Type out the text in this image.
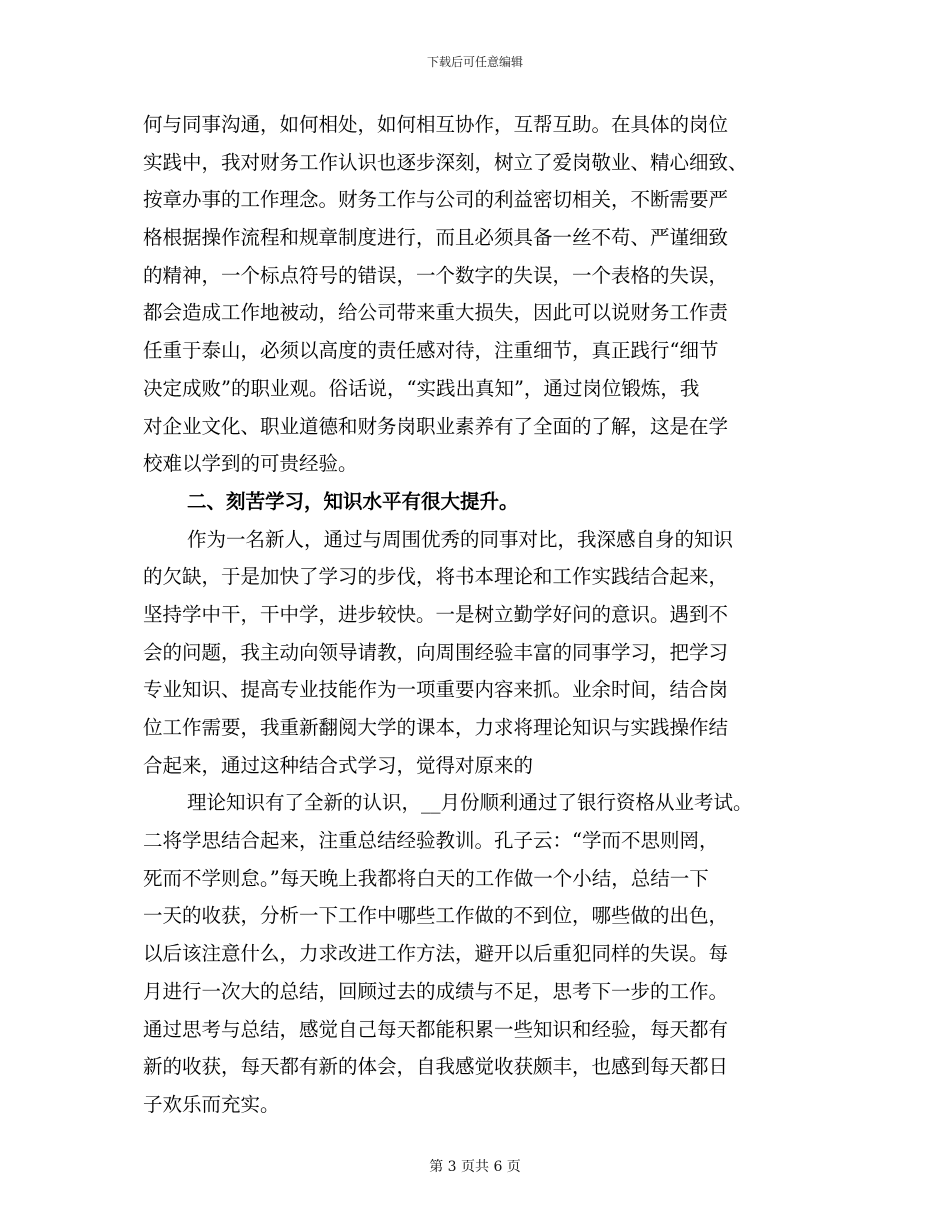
下载后可任意编辑
何与同事沟通，如何相处，如何相互协作，互帮互助。在具体的岗位
实践中，我对财务工作认识也逐步深刻，树立了爱岗敬业、精心细致、
按章办事的工作理念。财务工作与公司的利益密切相关，不断需要严
格根据操作流程和规章制度进行，而且必须具备一丝不苟、严谨细致
的精神，一个标点符号的错误，一个数字的失误，一个表格的失误，
都会造成工作地被动，给公司带来重大损失，因此可以说财务工作责
任重于泰山，必须以高度的责任感对待，注重细节，真正践行“细节
决定成败”的职业观。俗话说，“实践出真知”，通过岗位锻炼，我
对企业文化、职业道德和财务岗职业素养有了全面的了解，这是在学
校难以学到的可贵经验。
二、刻苦学习，知识水平有很大提升。
作为一名新人，通过与周围优秀的同事对比，我深感自身的知识
的欠缺，于是加快了学习的步伐，将书本理论和工作实践结合起来，
坚持学中干，干中学，进步较快。一是树立勤学好问的意识。遇到不
会的问题，我主动向领导请教，向周围经验丰富的同事学习，把学习
专业知识、提高专业技能作为一项重要内容来抓。业余时间，结合岗
位工作需要，我重新翻阅大学的课本，力求将理论知识与实践操作结
合起来，通过这种结合式学习，觉得对原来的
理论知识有了全新的认识，__月份顺利通过了银行资格从业考试。
二将学思结合起来，注重总结经验教训。孔子云：“学而不思则罔，
死而不学则怠。”每天晚上我都将白天的工作做一个小结，总结一下
一天的收获，分析一下工作中哪些工作做的不到位，哪些做的出色，
以后该注意什么，力求改进工作方法，避开以后重犯同样的失误。每
月进行一次大的总结，回顾过去的成绩与不足，思考下一步的工作。
通过思考与总结，感觉自己每天都能积累一些知识和经验，每天都有
新的收获，每天都有新的体会，自我感觉收获颇丰，也感到每天都日
子欢乐而充实。
第 3 页共 6 页
